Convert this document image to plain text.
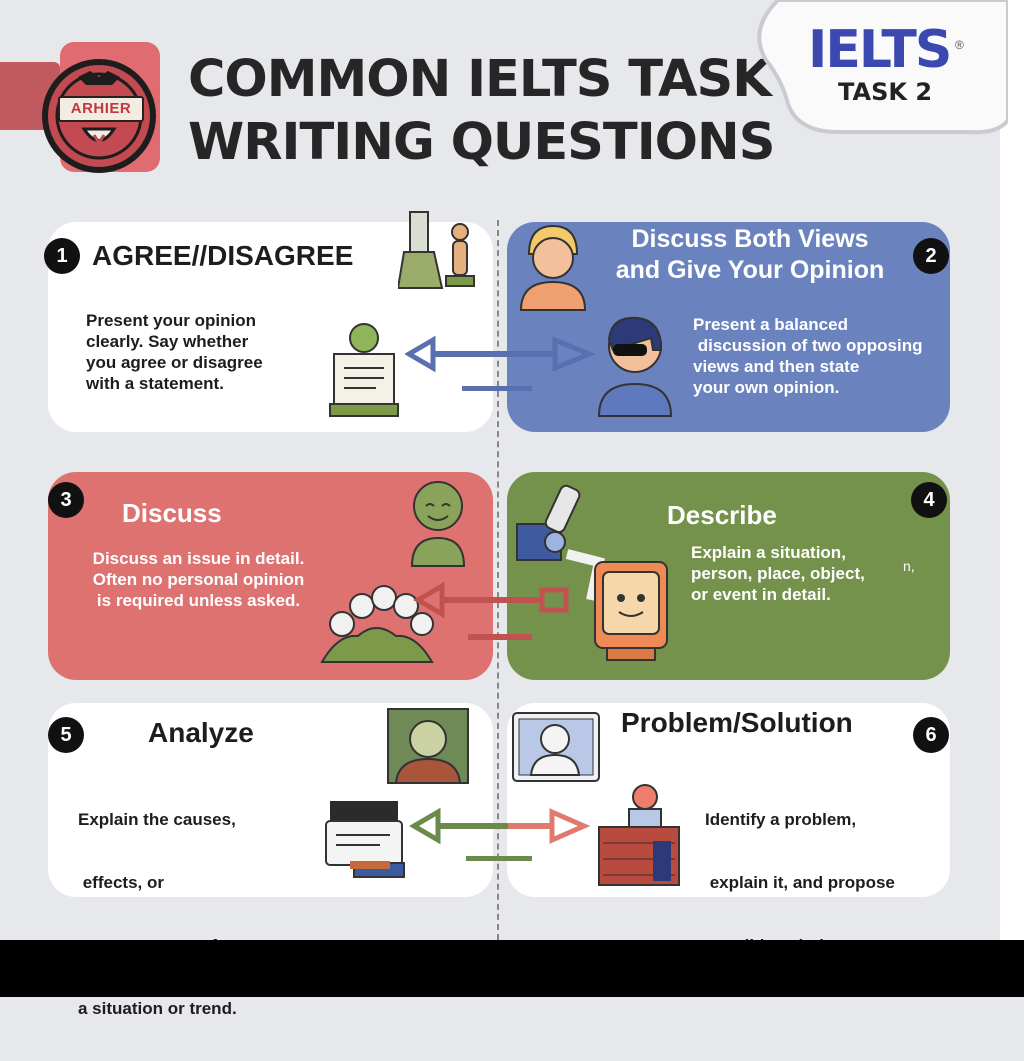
ARHIER COMMON IELTS TASK
WRITING QUESTIONS
IELTS ®
TASK 2
AGREE//DISAGREE
Present your opinion
clearly. Say whether
you agree or disagree
with a statement.
1
Discuss Both Views
and Give Your Opinion
Present a balanced
discussion of two opposing
views and then state
your own opinion.
2
Discuss
Discuss an issue in detail.
Often no personal opinion
is required unless asked.
3	Describe
Explain a situation,
person, place, object,
or event in detail.
n,
4
Analyze

Explain the causes,

effects, or

a situation or trend.

5	Problem/Solution

Identify a problem,

explain it, and propose

6
